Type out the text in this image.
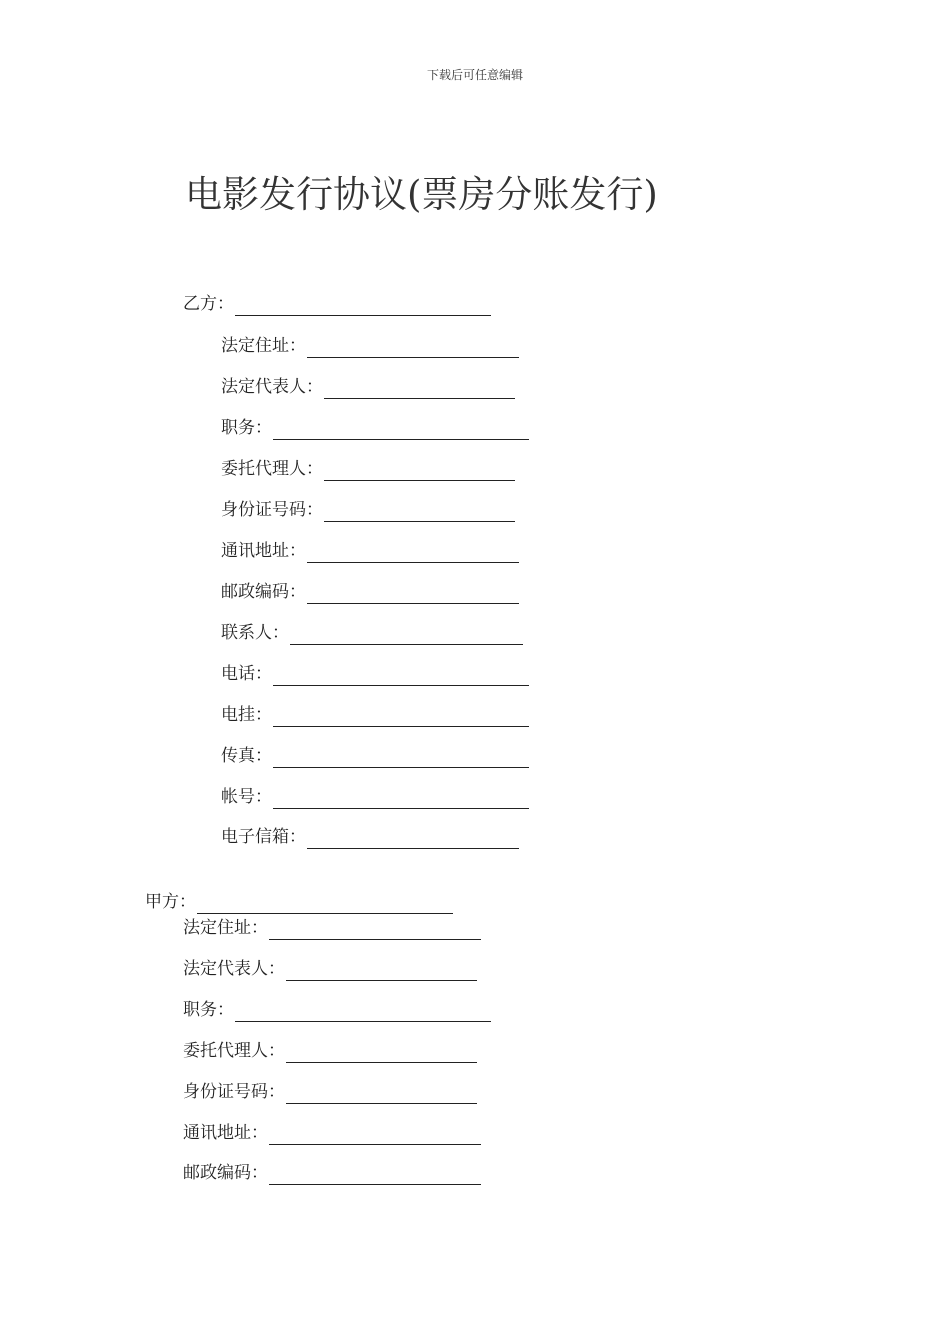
下载后可任意编辑
电影发行协议(票房分账发行)
乙方：
法定住址：
法定代表人：
职务：
委托代理人：
身份证号码：
通讯地址：
邮政编码：
联系人：
电话：
电挂：
传真：
帐号：
电子信箱：
甲方：
法定住址：
法定代表人：
职务：
委托代理人：
身份证号码：
通讯地址：
邮政编码：
